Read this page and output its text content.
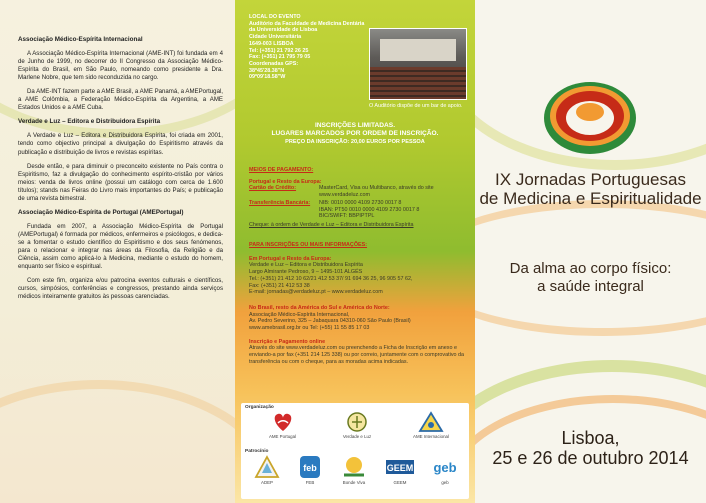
Associação Médico-Espírita Internacional

A Associação Médico-Espírita Internacional (AME-INT) foi fundada em 4 de Junho de 1999, no decorrer do II Congresso da Associação Médico-Espírita do Brasil, em São Paulo, nomeando como presidente a Dra. Marlene Nobre, que tem sido reconduzida no cargo.

Da AME-INT fazem parte a AME Brasil, a AME Panamá, a AMEPortugal, a AME Colômbia, a Federação Médico-Espírita da Argentina, a AME Estados Unidos e a AME Cuba.

Verdade e Luz – Editora e Distribuidora Espírita

A Verdade e Luz – Editora e Distribuidora Espírita, foi criada em 2001, tendo como objectivo principal a divulgação do Espiritismo através da publicação e distribuição de livros e revistas espíritas.

Desde então, e para diminuir o preconceito existente no País contra o Espiritismo, faz a divulgação do conhecimento espírito-cristão por vários meios: venda de livros online (possui um catálogo com cerca de 1.600 títulos); stands nas Feiras do Livro mais importantes do País; e publicação de uma revista bimestral.

Associação Médico-Espírita de Portugal (AMEPortugal)

Fundada em 2007, a Associação Médico-Espírita de Portugal (AMEPortugal) é formada por médicos, enfermeiros e psicólogos, e dedica-se a fomentar o estudo científico do Espiritismo e dos seus fenómenos, para o relacionar e integrar nas áreas da Filosofia, da Religião e da Ciência, assim como aplicá-lo à Medicina, mediante o estudo do homem, enquanto ser físico e espiritual.

Com este fim, organiza e/ou patrocina eventos culturais e científicos, cursos, simpósios, conferências e congressos, prestando ainda serviços médicos inteiramente gratuitos às pessoas carenciadas.

LOCAL DO EVENTO
Auditório da Faculdade de Medicina Dentária
da Universidade de Lisboa
Cidade Universitária
1649-003 LISBOA
Tel: (+351) 21 792 26 25
Fax: (+351) 21 795 79 05
Coordenadas GPS:
38º45'28.38"N
09º09'18.58"W
O Auditório dispõe de um bar de apoio.
INSCRIÇÕES LIMITADAS.
LUGARES MARCADOS POR ORDEM DE INSCRIÇÃO.
PREÇO DA INSCRIÇÃO: 20,00 EUROS POR PESSOA
MEIOS DE PAGAMENTO:
Portugal e Resto da Europa:
Cartão de Crédito:	MasterCard, Visa ou Multibanco, através do site www.verdadeluz.com
Transferência Bancária:	NIB: 0010 0000 4109 2730 0017 8
IBAN: PT50 0010 0000 4109 2730 0017 8
BIC/SWIFT: BBPIPTPL
Cheque: à ordem de Verdade e Luz – Editora e Distribuidora Espírita
PARA INSCRIÇÕES OU MAIS INFORMAÇÕES:
Em Portugal e Resto da Europa:
Verdade e Luz – Editora e Distribuidora Espírita
Largo Almirante Pedroso, 9 – 1495-101 ALGÉS
Tel.: (+351) 21 412 10 62/21 412 53 37/ 91 694 36 25, 96 905 57 62,
Fax: (+351) 21 412 53 38
E-mail: jornadas@verdadeluz.pt – www.verdadeluz.com
No Brasil, resto da América do Sul e América do Norte:
Associação Médico-Espírita Internacional,
Av. Pedro Severino, 325 – Jabaquara 04310-060 São Paulo (Brasil)
www.amebrasil.org.br ou Tel: (+55) 11 55 85 17 03
Inscrição e Pagamento online
Através do site www.verdadeluz.com ou preenchendo a Ficha de Inscrição em anexo e enviando-a por fax (+351 214 125 338) ou por correio, juntamente com o comprovativo da transferência ou com o cheque, para as moradas acima indicadas.
Organização
AME Portugal	Verdade e Luz	AME Internacional
Patrocínio
ADEP
feb
FEB	Bonde Viva
GEEM
GEEM
geb
geb
IX Jornadas Portuguesas
de Medicina e Espiritualidade
Da alma ao corpo físico:
a saúde integral
Lisboa,
25 e 26 de outubro 2014
